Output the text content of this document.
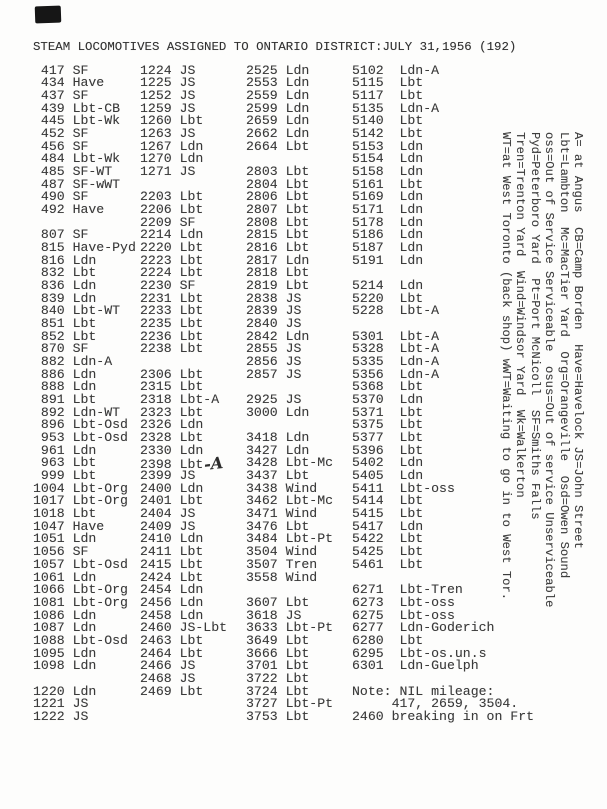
STEAM LOCOMOTIVES ASSIGNED TO ONTARIO DISTRICT:JULY 31,1956 (192)
417 SF
434 Have
437 SF
439 Lbt-CB
445 Lbt-Wk
452 SF
456 SF
484 Lbt-Wk
485 SF-WT
487 SF-wWT
490 SF
492 Have
807 SF
815 Have-Pyd
816 Ldn
832 Lbt
836 Ldn
839 Ldn
840 Lbt-WT
851 Lbt
852 Lbt
870 SF
882 Ldn-A
886 Ldn
888 Ldn
891 Lbt
892 Ldn-WT
896 Lbt-Osd
953 Lbt-Osd
961 Ldn
963 Lbt
999 Lbt
1004 Lbt-Org
1017 Lbt-Org
1018 Lbt
1047 Have
1051 Ldn
1056 SF
1057 Lbt-Osd
1061 Ldn
1066 Lbt-Org
1081 Lbt-Org
1086 Ldn
1087 Ldn
1088 Lbt-Osd
1095 Ldn
1098 Ldn
1220 Ldn
1221 JS
1222 JS
1224 JS
1225 JS
1252 JS
1259 JS
1260 Lbt
1263 JS
1267 Ldn
1270 Ldn
1271 JS
2203 Lbt
2206 Lbt
2209 SF
2214 Ldn
2220 Lbt
2223 Lbt
2224 Lbt
2230 SF
2231 Lbt
2233 Lbt
2235 Lbt
2236 Lbt
2238 Lbt
2306 Lbt
2315 Lbt
2318 Lbt-A
2323 Lbt
2326 Ldn
2328 Lbt
2330 Ldn
2398 Lbt-A
2399 JS
2400 Ldn
2401 Lbt
2404 JS
2409 JS
2410 Ldn
2411 Lbt
2415 Lbt
2424 Lbt
2454 Ldn
2456 Ldn
2458 Ldn
2460 JS-Lbt
2463 Lbt
2464 Lbt
2466 JS
2468 JS
2469 Lbt
2525 Ldn
2553 Ldn
2559 Ldn
2599 Ldn
2659 Ldn
2662 Ldn
2664 Lbt
2803 Lbt
2804 Lbt
2806 Lbt
2807 Lbt
2808 Lbt
2815 Lbt
2816 Lbt
2817 Ldn
2818 Lbt
2819 Lbt
2838 JS
2839 JS
2840 JS
2842 Ldn
2855 JS
2856 JS
2857 JS
2925 JS
3000 Ldn
3418 Ldn
3427 Ldn
3428 Lbt-Mc
3437 Lbt
3438 Wind
3462 Lbt-Mc
3471 Wind
3476 Lbt
3484 Lbt-Pt
3504 Wind
3507 Tren
3558 Wind
3607 Lbt
3618 JS
3633 Lbt-Pt
3649 Lbt
3666 Lbt
3701 Lbt
3722 Lbt
3724 Lbt
3727 Lbt-Pt
3753 Lbt
5102  Ldn-A
5115  Lbt
5117  Lbt
5135  Ldn-A
5140  Lbt
5142  Lbt
5153  Ldn
5154  Ldn
5158  Ldn
5161  Lbt
5169  Ldn
5171  Ldn
5178  Ldn
5186  Ldn
5187  Ldn
5191  Ldn
5214  Ldn
5220  Lbt
5228  Lbt-A
5301  Lbt-A
5328  Lbt-A
5335  Ldn-A
5356  Ldn-A
5368  Lbt
5370  Ldn
5371  Lbt
5375  Lbt
5377  Lbt
5396  Lbt
5402  Ldn
5405  Ldn
5411  Lbt-oss
5414  Lbt
5415  Lbt
5417  Ldn
5422  Lbt
5425  Lbt
5461  Lbt
6271  Lbt-Tren
6273  Lbt-oss
6275  Lbt-oss
6277  Ldn-Goderich
6280  Lbt
6295  Lbt-os.un.s
6301  Ldn-Guelph
Note: NIL mileage:
417, 2659, 3504.
2460 breaking in on Frt
A= at Angus  CB=Camp Borden  Have=Havelock JS=John Street
Lbt=Lambton  Mc=MacTier Yard  Org=Orangeville  Osd=Owen Sound
oss=Out of Service Serviceable  osus=Out of service Unserviceable
Pyd=Peterboro Yard  Pt=Port McNicoll  SF=Smiths Falls
Tren=Trenton Yard  Wind=Windsor Yard  Wk=Walkerton
WT=at West Toronto (back shop) wWT=Waiting to go in to West Tor.
